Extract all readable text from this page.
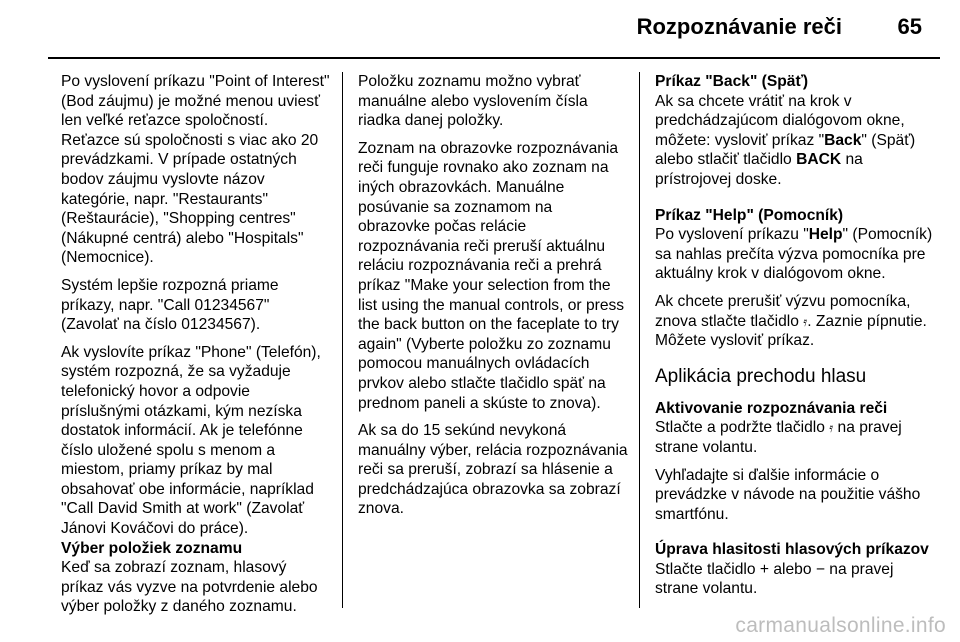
Rozpoznávanie reči	65

Po vyslovení príkazu "Point of Interest" (Bod záujmu) je možné menou uviesť len veľké reťazce spoločností. Reťazce sú spoločnosti s viac ako 20 prevádzkami. V prípade ostatných bodov záujmu vyslovte názov kategórie, napr. "Restaurants" (Reštaurácie), "Shopping centres" (Nákupné centrá) alebo "Hospitals" (Nemocnice).

Systém lepšie rozpozná priame príkazy, napr. "Call 01234567" (Zavolať na číslo 01234567).

Ak vyslovíte príkaz "Phone" (Telefón), systém rozpozná, že sa vyžaduje telefonický hovor a odpovie príslušnými otázkami, kým nezíska dostatok informácií. Ak je telefónne číslo uložené spolu s menom a miestom, priamy príkaz by mal obsahovať obe informácie, napríklad "Call David Smith at work" (Zavolať Jánovi Kováčovi do práce).

Výber položiek zoznamu

Keď sa zobrazí zoznam, hlasový príkaz vás vyzve na potvrdenie alebo výber položky z daného zoznamu.

Položku zoznamu možno vybrať manuálne alebo vyslovením čísla riadka danej položky.

Zoznam na obrazovke rozpoznávania reči funguje rovnako ako zoznam na iných obrazovkách. Manuálne posúvanie sa zoznamom na obrazovke počas relácie rozpoznávania reči preruší aktuálnu reláciu rozpoznávania reči a prehrá príkaz "Make your selection from the list using the manual controls, or press the back button on the faceplate to try again" (Vyberte položku zo zoznamu pomocou manuálnych ovládacích prvkov alebo stlačte tlačidlo späť na prednom paneli a skúste to znova).

Ak sa do 15 sekúnd nevykoná manuálny výber, relácia rozpoznávania reči sa preruší, zobrazí sa hlásenie a predchádzajúca obrazovka sa zobrazí znova.

Príkaz "Back" (Späť)

Ak sa chcete vrátiť na krok v predchádzajúcom dialógovom okne, môžete: vysloviť príkaz "Back" (Späť) alebo stlačiť tlačidlo BACK na prístrojovej doske.

Príkaz "Help" (Pomocník)

Po vyslovení príkazu "Help" (Pomocník) sa nahlas prečíta výzva pomocníka pre aktuálny krok v dialógovom okne.

Ak chcete prerušiť výzvu pomocníka, znova stlačte tlačidlo 𝄿. Zaznie pípnutie. Môžete vysloviť príkaz.

Aplikácia prechodu hlasu
Aktivovanie rozpoznávania reči

Stlačte a podržte tlačidlo 𝄿 na pravej strane volantu.

Vyhľadajte si ďalšie informácie o prevádzke v návode na použitie vášho smartfónu.

Úprava hlasitosti hlasových príkazov

Stlačte tlačidlo + alebo − na pravej strane volantu.

carmanualsonline.info
